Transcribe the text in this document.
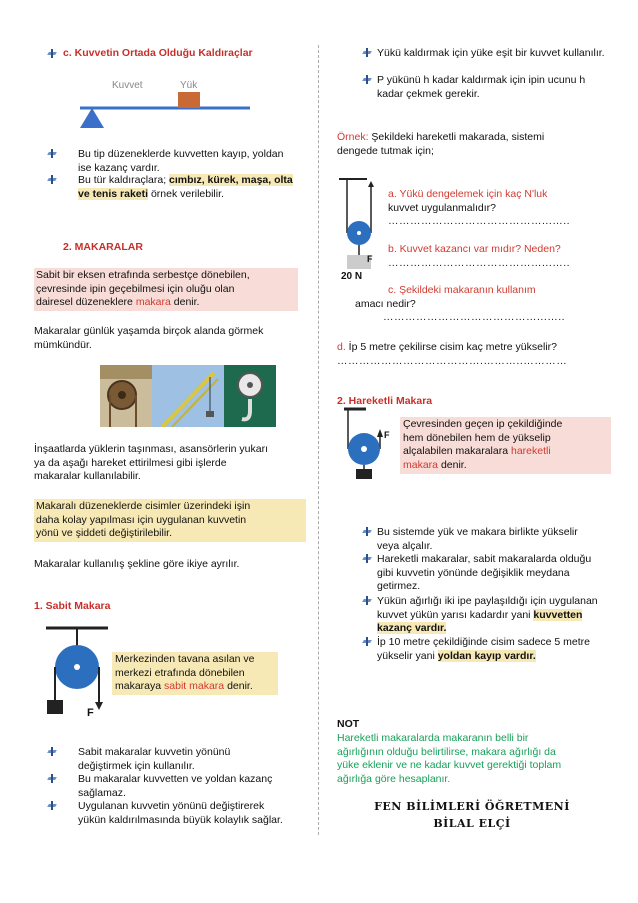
c. Kuvvetin Ortada Olduğu Kaldıraçlar
Kuvvet	Yük
Bu tip düzeneklerde kuvvetten kayıp, yoldan ise kazanç vardır.
Bu tür kaldıraçlara; cımbız, kürek, maşa, olta ve tenis raketi örnek verilebilir.
2. MAKARALAR
Sabit bir eksen etrafında serbestçe dönebilen,
çevresinde ipin geçebilmesi için oluğu olan
dairesel düzeneklere makara denir.
Makaralar günlük yaşamda birçok alanda görmek
mümkündür.
İnşaatlarda yüklerin taşınması, asansörlerin yukarı
ya da aşağı hareket ettirilmesi gibi işlerde
makaralar kullanılabilir.
Makaralı düzeneklerde cisimler üzerindeki işin
daha kolay yapılması için uygulanan kuvvetin
yönü ve şiddeti değiştirilebilir.
Makaralar kullanılış şekline göre ikiye ayrılır.
1. Sabit Makara
F
Merkezinden tavana asılan ve
merkezi etrafında dönebilen
makaraya sabit makara denir.
Sabit makaralar kuvvetin yönünü değiştirmek için kullanılır.
Bu makaralar kuvvetten ve yoldan kazanç sağlamaz.
Uygulanan kuvvetin yönünü değiştirerek yükün kaldırılmasında büyük kolaylık sağlar.
Yükü kaldırmak için yüke eşit bir kuvvet kullanılır.
P yükünü h kadar kaldırmak için ipin ucunu h kadar çekmek gerekir.
Örnek: Şekildeki hareketli makarada, sistemi
dengede tutmak için;
20 N
F
a. Yükü dengelemek için kaç N'luk
kuvvet uygulanmalıdır?
……………………………………...…..
b. Kuvvet kazancı var mıdır? Neden?
……………………………………...…..
c. Şekildeki makaranın kullanım
amacı nedir?
……………………………………...…..
d. İp 5 metre çekilirse cisim kaç metre yükselir?
………………………………….………..…………
2. Hareketli Makara
F
Çevresinden geçen ip çekildiğinde
hem dönebilen hem de yükselip
alçalabilen makaralara hareketli
makara denir.
Bu sistemde yük ve makara birlikte yükselir veya alçalır.
Hareketli makaralar, sabit makaralarda olduğu gibi kuvvetin yönünde değişiklik meydana getirmez.
Yükün ağırlığı iki ipe paylaşıldığı için uygulanan kuvvet yükün yarısı kadardır yani kuvvetten kazanç vardır.
İp 10 metre çekildiğinde cisim sadece 5 metre yükselir yani yoldan kayıp vardır.
NOT
Hareketli makaralarda makaranın belli bir
ağırlığının olduğu belirtilirse, makara ağırlığı da
yüke eklenir ve ne kadar kuvvet gerektiği toplam
ağırlığa göre hesaplanır.
FEN BİLİMLERİ ÖĞRETMENİ
BİLAL ELÇİ
